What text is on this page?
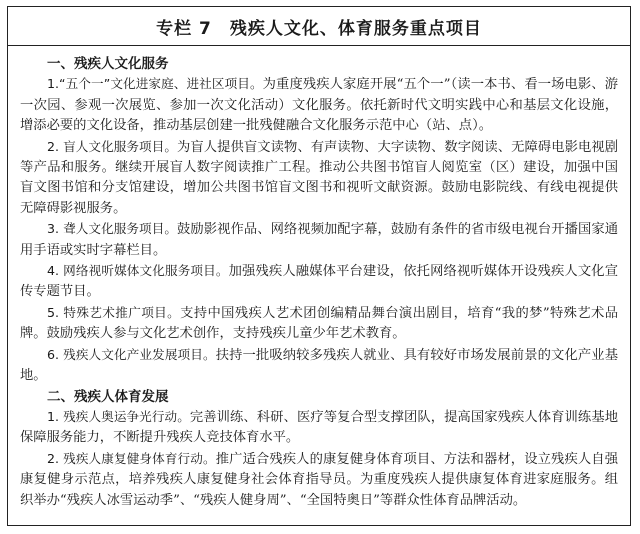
专栏 7 残疾人文化、体育服务重点项目
一、残疾人文化服务

1.“五个一”文化进家庭、进社区项目。为重度残疾人家庭开展“五个一”（读一本书、看一场电影、游一次园、参观一次展览、参加一次文化活动）文化服务。依托新时代文明实践中心和基层文化设施，增添必要的文化设备，推动基层创建一批残健融合文化服务示范中心（站、点）。

2. 盲人文化服务项目。为盲人提供盲文读物、有声读物、大字读物、数字阅读、无障碍电影电视剧等产品和服务。继续开展盲人数字阅读推广工程。推动公共图书馆盲人阅览室（区）建设，加强中国盲文图书馆和分支馆建设，增加公共图书馆盲文图书和视听文献资源。鼓励电影院线、有线电视提供无障碍影视服务。

3. 聋人文化服务项目。鼓励影视作品、网络视频加配字幕，鼓励有条件的省市级电视台开播国家通用手语或实时字幕栏目。

4. 网络视听媒体文化服务项目。加强残疾人融媒体平台建设，依托网络视听媒体开设残疾人文化宣传专题节目。

5. 特殊艺术推广项目。支持中国残疾人艺术团创编精品舞台演出剧目，培育“我的梦”特殊艺术品牌。鼓励残疾人参与文化艺术创作，支持残疾儿童少年艺术教育。

6. 残疾人文化产业发展项目。扶持一批吸纳较多残疾人就业、具有较好市场发展前景的文化产业基地。

二、残疾人体育发展

1. 残疾人奥运争光行动。完善训练、科研、医疗等复合型支撑团队，提高国家残疾人体育训练基地保障服务能力，不断提升残疾人竞技体育水平。

2. 残疾人康复健身体育行动。推广适合残疾人的康复健身体育项目、方法和器材，设立残疾人自强康复健身示范点，培养残疾人康复健身社会体育指导员。为重度残疾人提供康复体育进家庭服务。组织举办“残疾人冰雪运动季”、“残疾人健身周”、“全国特奥日”等群众性体育品牌活动。
